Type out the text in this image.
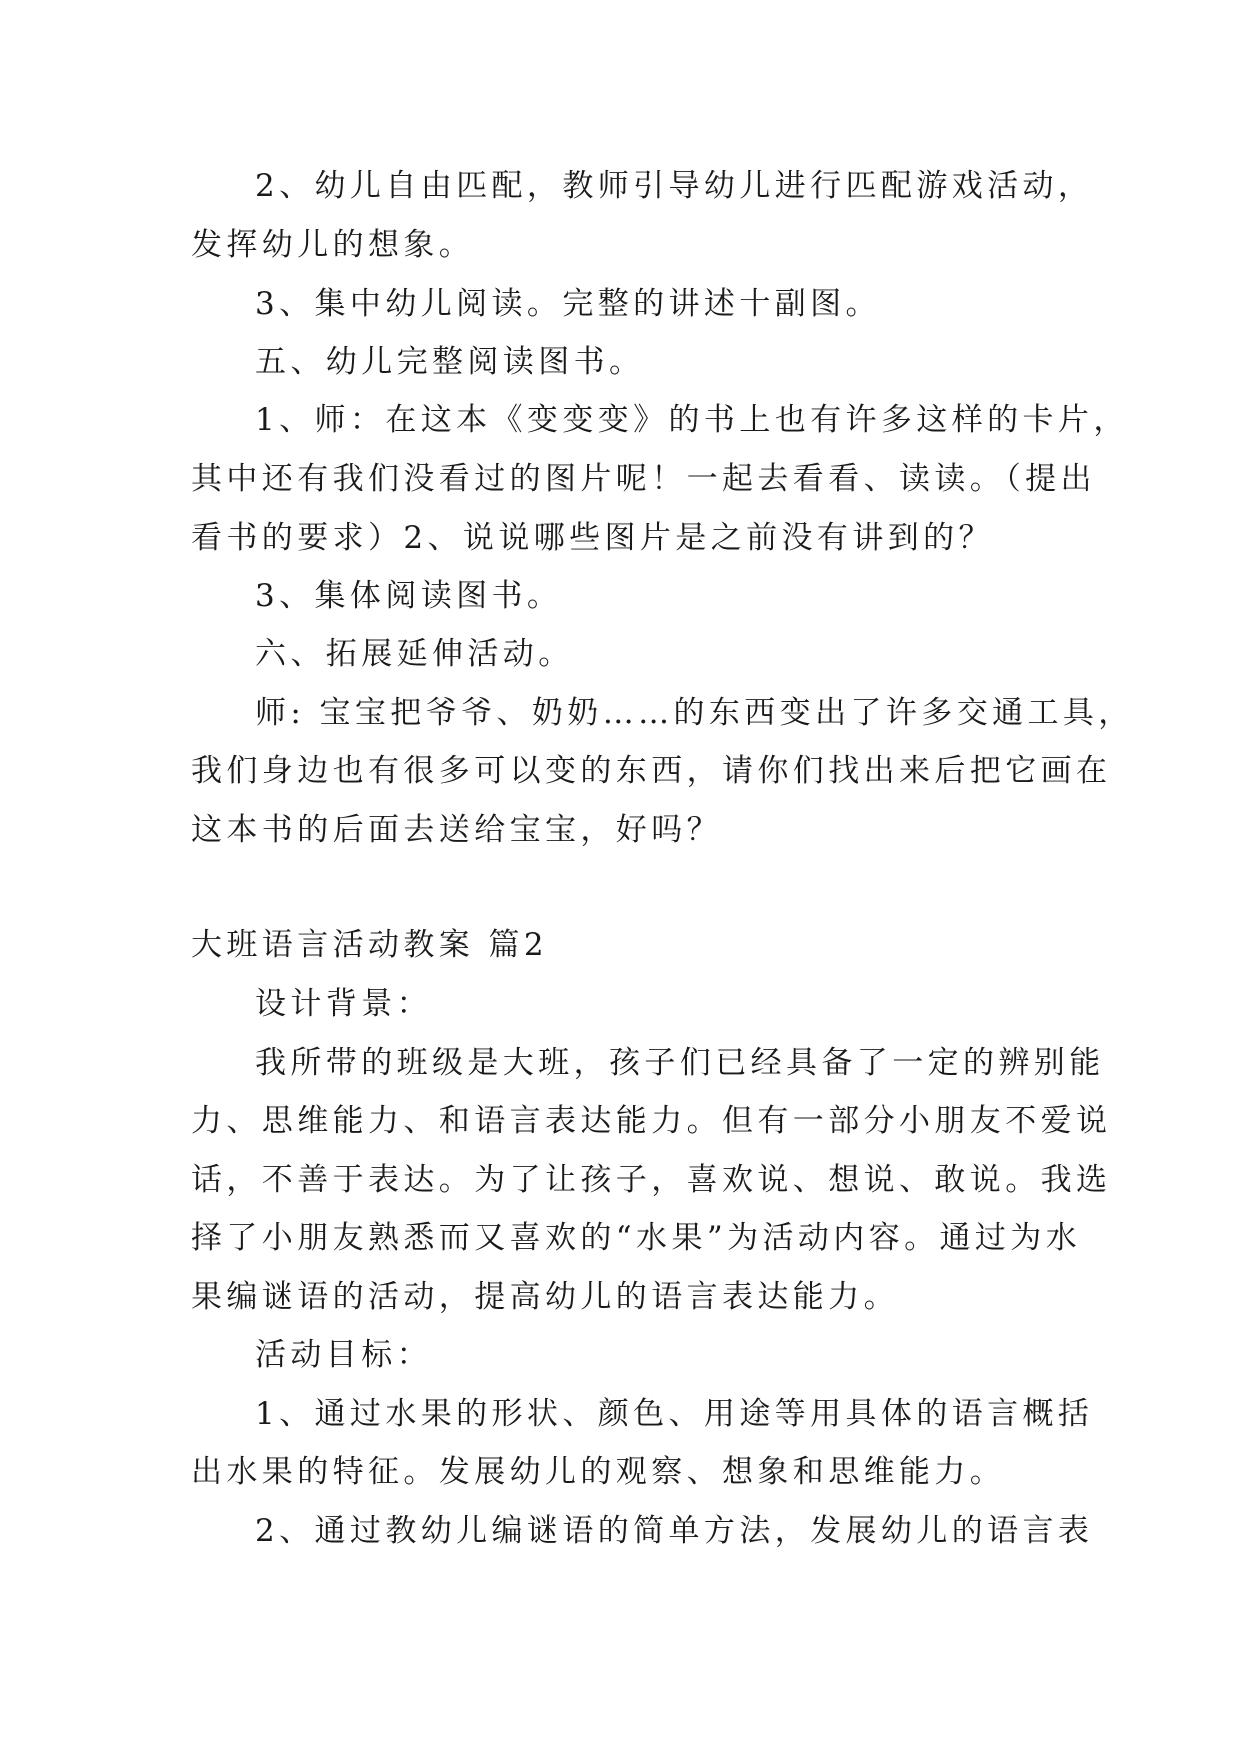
2、幼儿自由匹配，教师引导幼儿进行匹配游戏活动，
发挥幼儿的想象。
3、集中幼儿阅读。完整的讲述十副图。
五、幼儿完整阅读图书。
1、师：在这本《变变变》的书上也有许多这样的卡片，
其中还有我们没看过的图片呢！一起去看看、读读。（提出
看书的要求）2、说说哪些图片是之前没有讲到的？
3、集体阅读图书。
六、拓展延伸活动。
师: 宝宝把爷爷、奶奶……的东西变出了许多交通工具，
我们身边也有很多可以变的东西，请你们找出来后把它画在
这本书的后面去送给宝宝，好吗？
大班语言活动教案 篇2
设计背景：
我所带的班级是大班，孩子们已经具备了一定的辨别能
力、思维能力、和语言表达能力。但有一部分小朋友不爱说
话，不善于表达。为了让孩子，喜欢说、想说、敢说。我选
择了小朋友熟悉而又喜欢的“水果”为活动内容。通过为水
果编谜语的活动，提高幼儿的语言表达能力。
活动目标：
1、通过水果的形状、颜色、用途等用具体的语言概括
出水果的特征。发展幼儿的观察、想象和思维能力。
2、通过教幼儿编谜语的简单方法，发展幼儿的语言表
